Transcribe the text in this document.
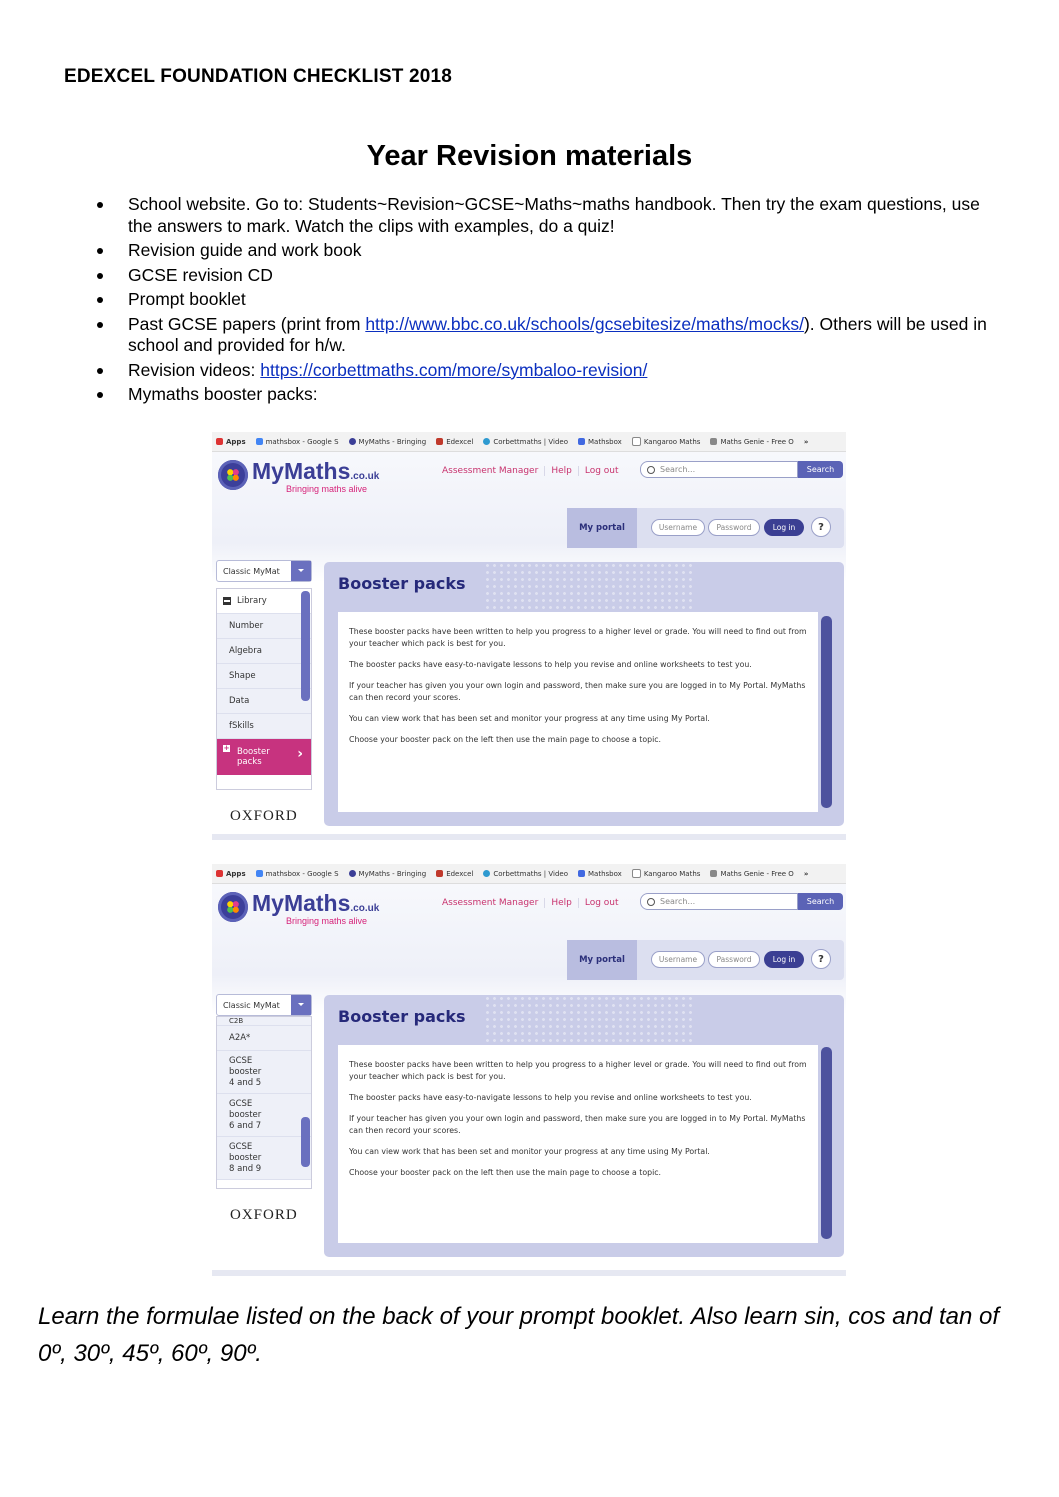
EDEXCEL FOUNDATION CHECKLIST 2018
Year Revision materials
School website. Go to: Students~Revision~GCSE~Maths~maths handbook. Then try the exam questions, use the answers to mark. Watch the clips with examples, do a quiz!
Revision guide and work book
GCSE revision CD
Prompt booklet
Past GCSE papers (print from http://www.bbc.co.uk/schools/gcsebitesize/maths/mocks/). Others will be used in school and provided for h/w.
Revision videos: https://corbettmaths.com/more/symbaloo-revision/
Mymaths booster packs:
Apps	mathsbox - Google S	MyMaths - Bringing	Edexcel	Corbettmaths | Video	Mathsbox	Kangaroo Maths	Maths Genie - Free O »
MyMaths.co.uk
Bringing maths alive
Assessment Manager	Help	Log out	Search...	Search
My portal	Username	Password	Log in	?
Classic MyMat
Library
Number
Algebra
Shape
Data
fSkills
+ Booster packs	›
OXFORD
Booster packs

These booster packs have been written to help you progress to a higher level or grade. You will need to find out from your teacher which pack is best for you.

The booster packs have easy-to-navigate lessons to help you revise and online worksheets to test you.

If your teacher has given you your own login and password, then make sure you are logged in to My Portal. MyMaths can then record your scores.

You can view work that has been set and monitor your progress at any time using My Portal.

Choose your booster pack on the left then use the main page to choose a topic.

Apps	mathsbox - Google S	MyMaths - Bringing	Edexcel	Corbettmaths | Video	Mathsbox	Kangaroo Maths	Maths Genie - Free O »
MyMaths.co.uk
Bringing maths alive
Assessment Manager	Help	Log out	Search...	Search
My portal	Username	Password	Log in	?
Classic MyMat
C2B
A2A*
GCSE booster 4 and 5
GCSE booster 6 and 7
GCSE booster 8 and 9
OXFORD
Booster packs

These booster packs have been written to help you progress to a higher level or grade. You will need to find out from your teacher which pack is best for you.

The booster packs have easy-to-navigate lessons to help you revise and online worksheets to test you.

If your teacher has given you your own login and password, then make sure you are logged in to My Portal. MyMaths can then record your scores.

You can view work that has been set and monitor your progress at any time using My Portal.

Choose your booster pack on the left then use the main page to choose a topic.

Learn the formulae listed on the back of your prompt booklet. Also learn sin, cos and tan of 0º, 30º, 45º, 60º, 90º.
